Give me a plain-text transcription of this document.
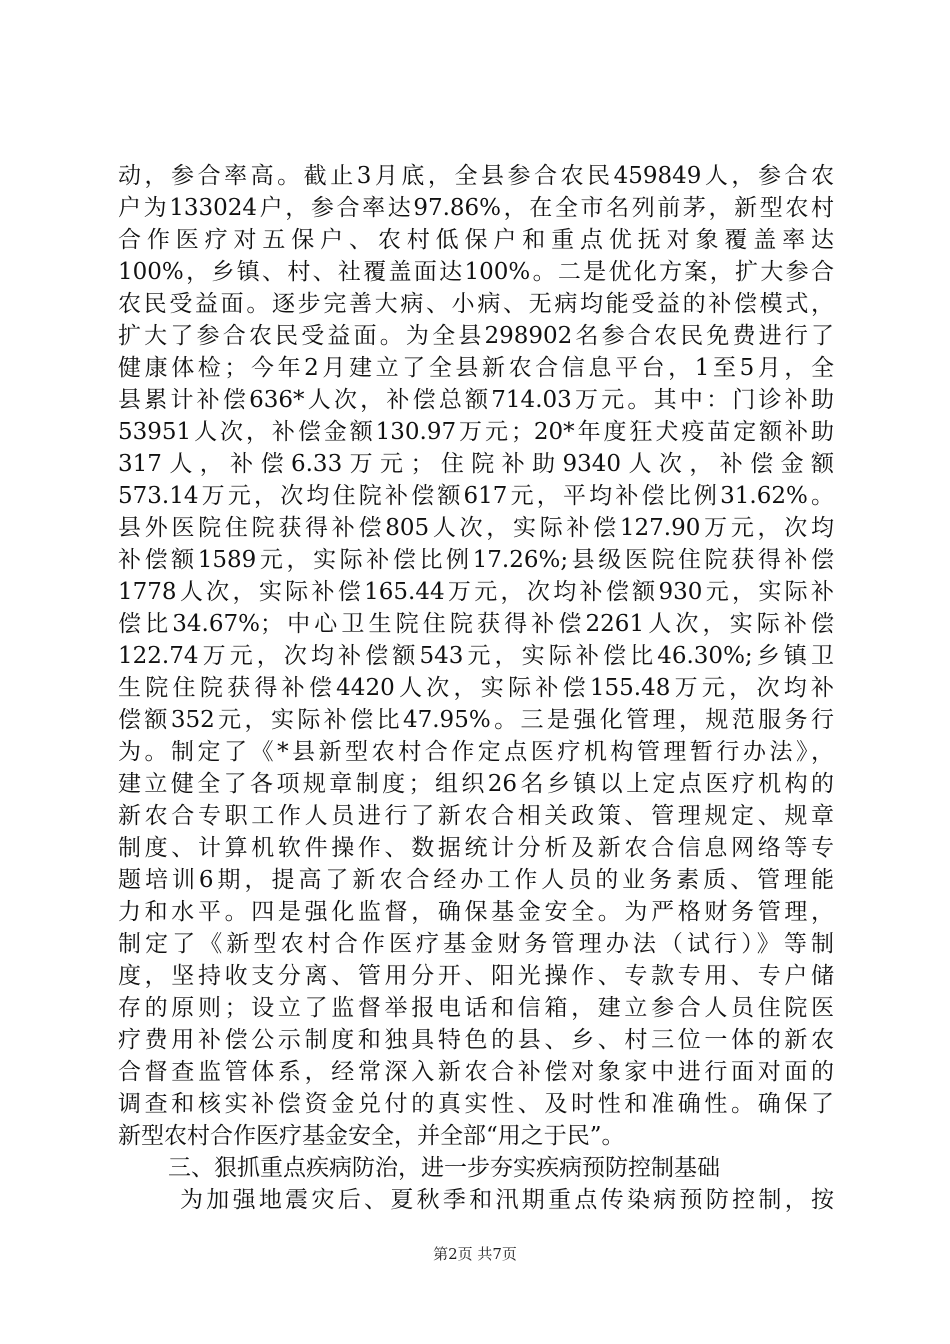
动，参合率高。截止3月底，全县参合农民459849人，参合农
户为133024户，参合率达97.86%，在全市名列前茅，新型农村
合作医疗对五保户、农村低保户和重点优抚对象覆盖率达
100%，乡镇、村、社覆盖面达100%。二是优化方案，扩大参合
农民受益面。逐步完善大病、小病、无病均能受益的补偿模式，
扩大了参合农民受益面。为全县298902名参合农民免费进行了
健康体检；今年2月建立了全县新农合信息平台，1至5月，全
县累计补偿636*人次，补偿总额714.03万元。其中：门诊补助
53951人次，补偿金额130.97万元；20*年度狂犬疫苗定额补助
317人，补偿6.33万元；住院补助9340人次，补偿金额
573.14万元，次均住院补偿额617元，平均补偿比例31.62%。
县外医院住院获得补偿805人次，实际补偿127.90万元，次均
补偿额1589元，实际补偿比例17.26%;县级医院住院获得补偿
1778人次，实际补偿165.44万元，次均补偿额930元，实际补
偿比34.67%；中心卫生院住院获得补偿2261人次，实际补偿
122.74万元，次均补偿额543元，实际补偿比46.30%;乡镇卫
生院住院获得补偿4420人次，实际补偿155.48万元，次均补
偿额352元，实际补偿比47.95%。三是强化管理，规范服务行
为。制定了《*县新型农村合作定点医疗机构管理暂行办法》，
建立健全了各项规章制度；组织26名乡镇以上定点医疗机构的
新农合专职工作人员进行了新农合相关政策、管理规定、规章
制度、计算机软件操作、数据统计分析及新农合信息网络等专
题培训6期，提高了新农合经办工作人员的业务素质、管理能
力和水平。四是强化监督，确保基金安全。为严格财务管理，
制定了《新型农村合作医疗基金财务管理办法（试行）》等制
度，坚持收支分离、管用分开、阳光操作、专款专用、专户储
存的原则；设立了监督举报电话和信箱，建立参合人员住院医
疗费用补偿公示制度和独具特色的县、乡、村三位一体的新农
合督查监管体系，经常深入新农合补偿对象家中进行面对面的
调查和核实补偿资金兑付的真实性、及时性和准确性。确保了
新型农村合作医疗基金安全，并全部“用之于民”。
三、狠抓重点疾病防治，进一步夯实疾病预防控制基础
为加强地震灾后、夏秋季和汛期重点传染病预防控制，按
第2页 共7页
